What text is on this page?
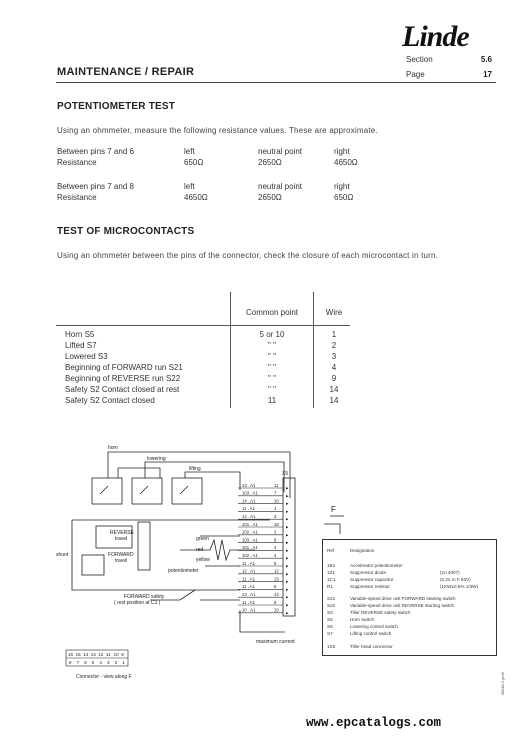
Linde
MAINTENANCE / REPAIR
Section	5.6
Page	17
POTENTIOMETER TEST
Using an ohmmeter, measure the following resistance values. These are approximate.
Between pins 7 and 6	left	neutral point	right
Resistance	650Ω	2650Ω	4650Ω
Between pins 7 and 8	left	neutral point	right
Resistance	4650Ω	2650Ω	650Ω
TEST OF MICROCONTACTS
Using an ohmmeter between the pins of the connector, check the closure of each microcontact in turn.
Common point	Wire
Horn S5	5 or 10	1
Lifted S7	" "	2
Lowered S3	" "	3
Beginning of FORWARD run S21	" "	4
Beginning of REVERSE run S22	" "	9
Safety S2 Contact closed at rest	" "	14
Safety S2 Contact closed	11	14
13 . A1	11
▸
103 . A1	7
▸
14 . A1	10
▸
11 . A1	1
▸
14 . A1	3
▸
101 . A1	18
▸
102 . A1	2
▸
103 . A1	8
▸
101 . A1	4
▸
102 . A1	4
▸
11 . A1	6
▸
12 . A1	12
▸
11 . A1	13
▸
11 . A1	5
▸
13 . A1	14
▸
11 . A1	9
▸
10 . A1	10
▸
horn
lowering
lifting
REVERSE
travel
FORWARD
travel
shunt
green
red
yellow
potentiometer
FORWARD safety
( rest position at C1 )
maximum current
X5
F
16 15 14 13 12 11 10 9
8 7 6 5 4 3 2 1
Connector - view along F
Ref	Designation
1B1	Accelerator potentiometer
1Z1	Suppressor diode	(1n 4007)
1C1	Suppressor capacitor	(0,22 m F 63V)
R1	Suppressor resistor	(1KW±0,5% 1/3W)
S21	Variable-speed drive unit FORWARD starting switch
S22	Variable-speed drive unit REVERSE starting switch
S3	Tiller REVERSE safety switch
S5	Horn switch
S6	Lowering control switch
S7	Lifting control switch
1X5	Tiller head connector
www.epcatalogs.com
38048.2.pm6
